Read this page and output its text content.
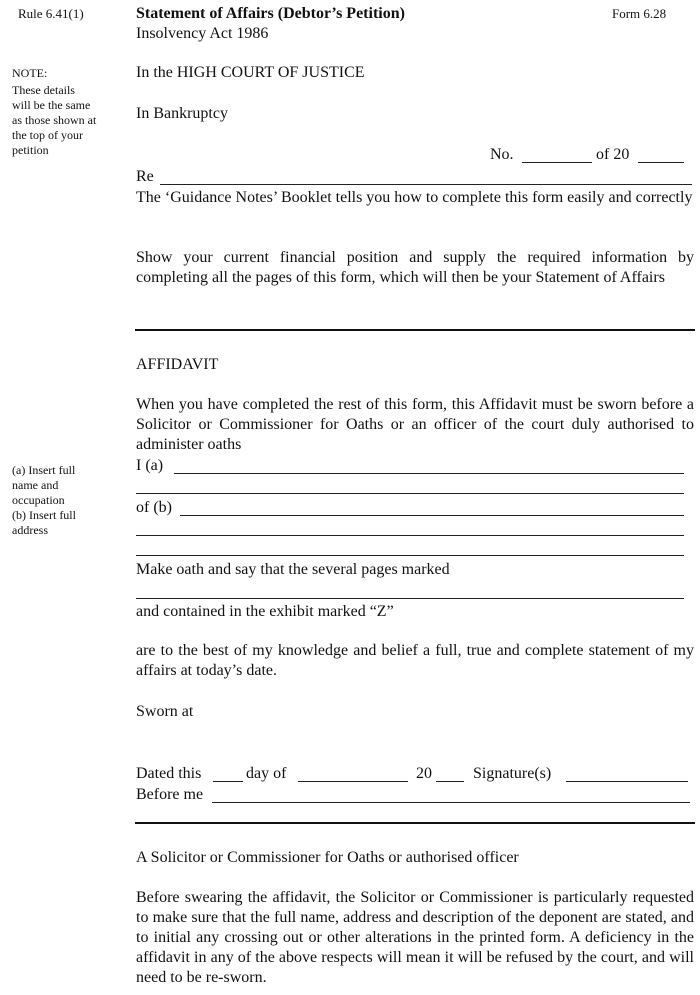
Rule 6.41(1)	Statement of Affairs (Debtor’s Petition)
Insolvency Act 1986
Form 6.28
NOTE:
These details
will be the same
as those shown at
the top of your
petition
In the HIGH COURT OF JUSTICE
In Bankruptcy
No.	of 20
Re
The ‘Guidance Notes’ Booklet tells you how to complete this form easily and correctly
Show your current financial position and supply the required information by completing all the pages of this form, which will then be your Statement of Affairs
AFFIDAVIT
When you have completed the rest of this form, this Affidavit must be sworn before a Solicitor or Commissioner for Oaths or an officer of the court duly authorised to administer oaths
(a) Insert full
name and
occupation
(b) Insert full
address
I (a)
of (b)
Make oath and say that the several pages marked
and contained in the exhibit marked “Z”
are to the best of my knowledge and belief a full, true and complete statement of my affairs at today’s date.
Sworn at
Dated this	day of	20	Signature(s)
Before me
A Solicitor or Commissioner for Oaths or authorised officer
Before swearing the affidavit, the Solicitor or Commissioner is particularly requested to make sure that the full name, address and description of the deponent are stated, and to initial any crossing out or other alterations in the printed form. A deficiency in the affidavit in any of the above respects will mean it will be refused by the court, and will need to be re-sworn.
